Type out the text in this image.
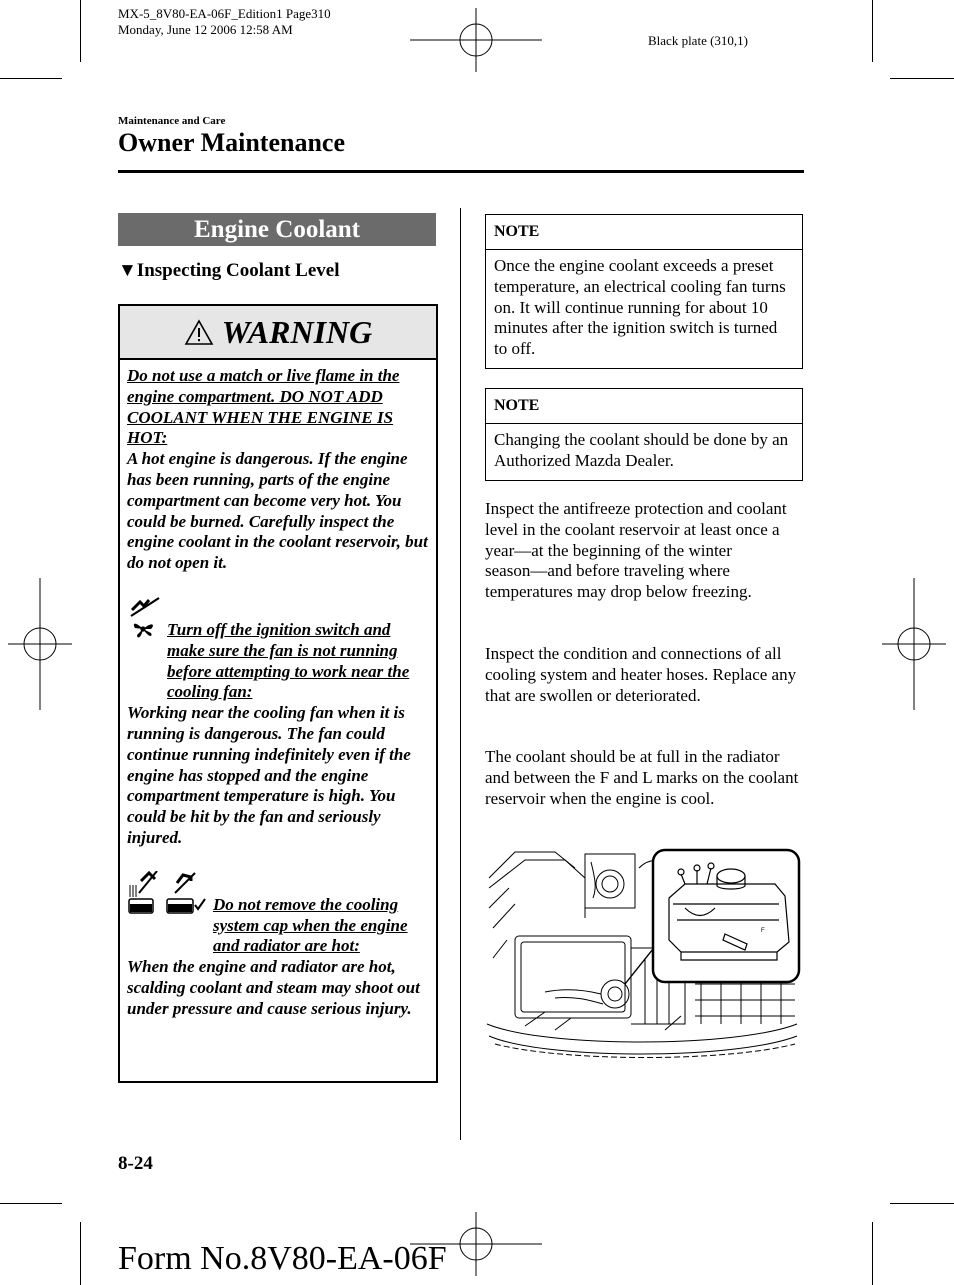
MX-5_8V80-EA-06F_Edition1 Page310
Monday, June 12 2006 12:58 AM
Black plate (310,1)
Maintenance and Care
Owner Maintenance
Engine Coolant
▼Inspecting Coolant Level
WARNING
Do not use a match or live flame in the engine compartment. DO NOT ADD COOLANT WHEN THE ENGINE IS HOT:
A hot engine is dangerous. If the engine has been running, parts of the engine compartment can become very hot. You could be burned. Carefully inspect the engine coolant in the coolant reservoir, but do not open it.
Turn off the ignition switch and make sure the fan is not running before attempting to work near the cooling fan:
Working near the cooling fan when it is running is dangerous. The fan could continue running indefinitely even if the engine has stopped and the engine compartment temperature is high. You could be hit by the fan and seriously injured.
Do not remove the cooling system cap when the engine and radiator are hot:
When the engine and radiator are hot, scalding coolant and steam may shoot out under pressure and cause serious injury.
NOTE
Once the engine coolant exceeds a preset temperature, an electrical cooling fan turns on. It will continue running for about 10 minutes after the ignition switch is turned to off.
NOTE
Changing the coolant should be done by an Authorized Mazda Dealer.
Inspect the antifreeze protection and coolant level in the coolant reservoir at least once a year―at the beginning of the winter season―and before traveling where temperatures may drop below freezing.
Inspect the condition and connections of all cooling system and heater hoses. Replace any that are swollen or deteriorated.
The coolant should be at full in the radiator and between the F and L marks on the coolant reservoir when the engine is cool.
F
8-24
Form No.8V80-EA-06F
